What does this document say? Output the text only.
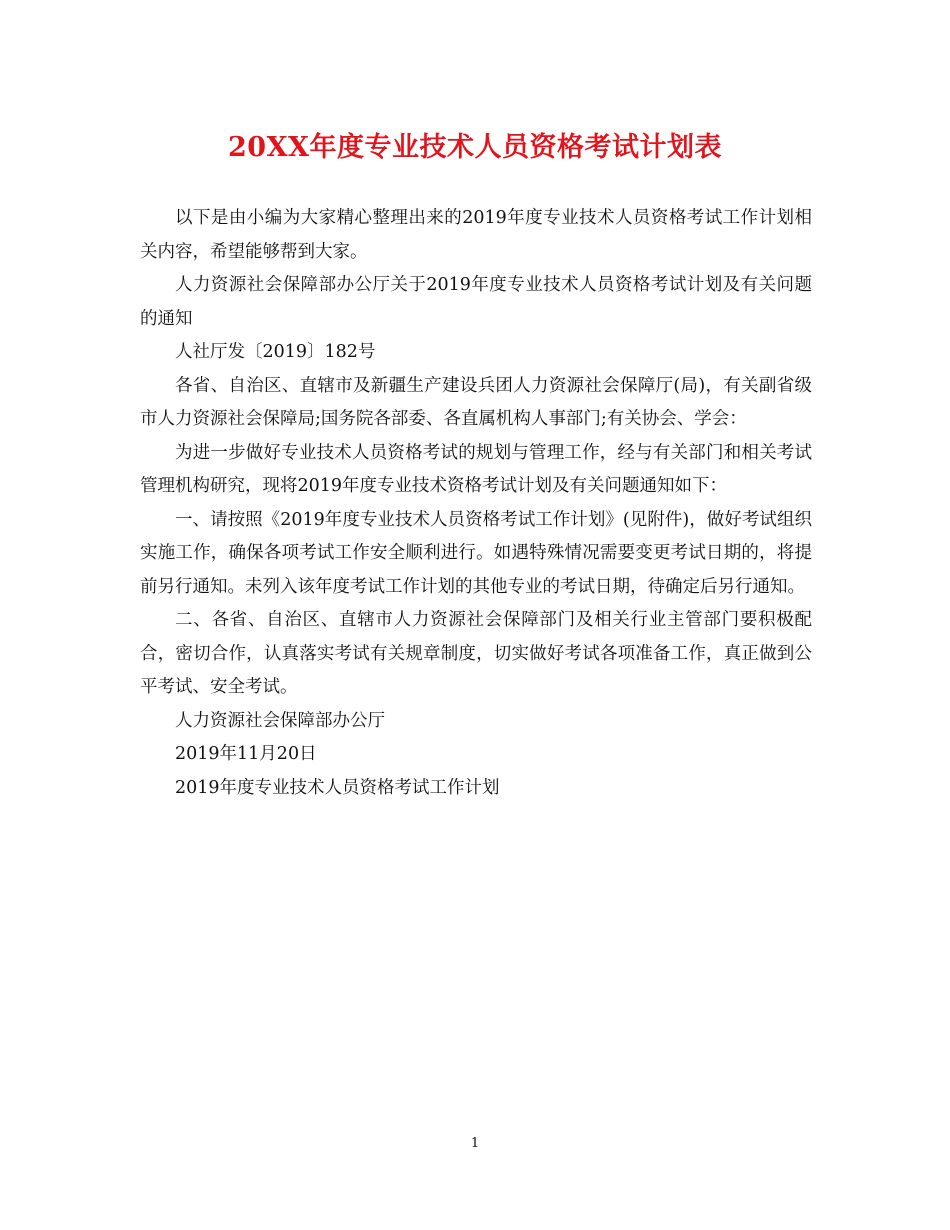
20XX年度专业技术人员资格考试计划表

以下是由小编为大家精心整理出来的2019年度专业技术人员资格考试工作计划相关内容，希望能够帮到大家。

人力资源社会保障部办公厅关于2019年度专业技术人员资格考试计划及有关问题的通知

人社厅发〔2019〕182号

各省、自治区、直辖市及新疆生产建设兵团人力资源社会保障厅(局)，有关副省级市人力资源社会保障局;国务院各部委、各直属机构人事部门;有关协会、学会：

为进一步做好专业技术人员资格考试的规划与管理工作，经与有关部门和相关考试管理机构研究，现将2019年度专业技术资格考试计划及有关问题通知如下：

一、请按照《2019年度专业技术人员资格考试工作计划》(见附件)，做好考试组织实施工作，确保各项考试工作安全顺利进行。如遇特殊情况需要变更考试日期的，将提前另行通知。未列入该年度考试工作计划的其他专业的考试日期，待确定后另行通知。

二、各省、自治区、直辖市人力资源社会保障部门及相关行业主管部门要积极配合，密切合作，认真落实考试有关规章制度，切实做好考试各项准备工作，真正做到公平考试、安全考试。

人力资源社会保障部办公厅

2019年11月20日

2019年度专业技术人员资格考试工作计划

1
